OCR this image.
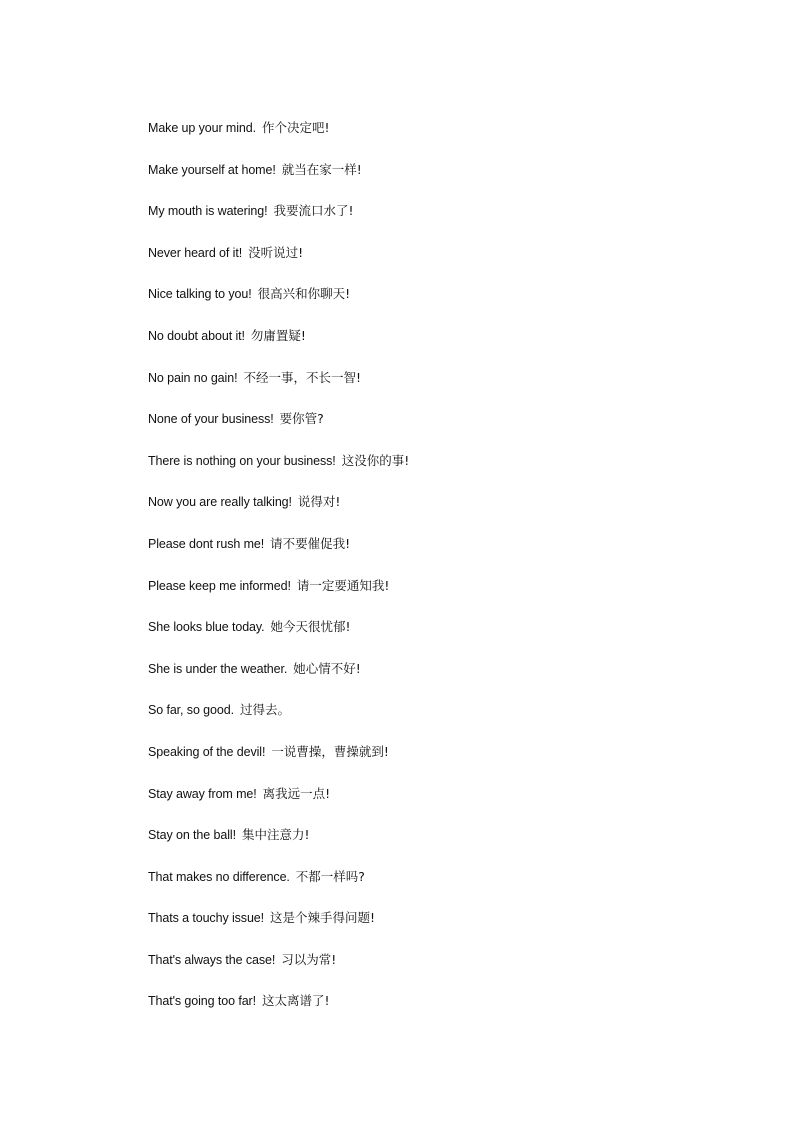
Make up your mind. 作个决定吧!
Make yourself at home! 就当在家一样!
My mouth is watering! 我要流口水了!
Never heard of it! 没听说过!
Nice talking to you! 很高兴和你聊天!
No doubt about it! 勿庸置疑!
No pain no gain! 不经一事，不长一智!
None of your business! 要你管?
There is nothing on your business! 这没你的事!
Now you are really talking! 说得对!
Please dont rush me! 请不要催促我!
Please keep me informed! 请一定要通知我!
She looks blue today. 她今天很忧郁!
She is under the weather. 她心情不好!
So far, so good. 过得去。
Speaking of the devil! 一说曹操，曹操就到!
Stay away from me! 离我远一点!
Stay on the ball! 集中注意力!
That makes no difference. 不都一样吗?
Thats a touchy issue! 这是个辣手得问题!
That's always the case! 习以为常!
That's going too far! 这太离谱了!
